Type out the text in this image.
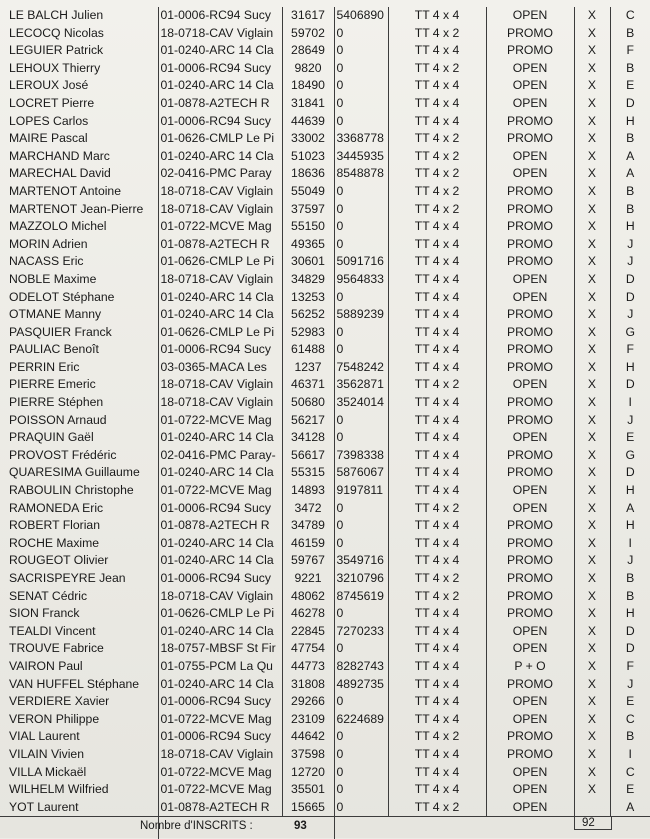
LE BALCH Julien	01-0006-RC94 Sucy	31617	5406890	TT 4 x 4	OPEN	X	C
LECOCQ Nicolas	18-0718-CAV Viglain	59702	0	TT 4 x 2	PROMO	X	B
LEGUIER Patrick	01-0240-ARC 14 Cla	28649	0	TT 4 x 4	PROMO	X	F
LEHOUX Thierry	01-0006-RC94 Sucy	9820	0	TT 4 x 2	OPEN	X	B
LEROUX José	01-0240-ARC 14 Cla	18490	0	TT 4 x 4	OPEN	X	E
LOCRET Pierre	01-0878-A2TECH R	31841	0	TT 4 x 4	OPEN	X	D
LOPES Carlos	01-0006-RC94 Sucy	44639	0	TT 4 x 4	PROMO	X	H
MAIRE Pascal	01-0626-CMLP Le Pi	33002	3368778	TT 4 x 2	PROMO	X	B
MARCHAND Marc	01-0240-ARC 14 Cla	51023	3445935	TT 4 x 2	OPEN	X	A
MARECHAL David	02-0416-PMC Paray	18636	8548878	TT 4 x 2	OPEN	X	A
MARTENOT Antoine	18-0718-CAV Viglain	55049	0	TT 4 x 2	PROMO	X	B
MARTENOT Jean-Pierre	18-0718-CAV Viglain	37597	0	TT 4 x 2	PROMO	X	B
MAZZOLO Michel	01-0722-MCVE Mag	55150	0	TT 4 x 4	PROMO	X	H
MORIN Adrien	01-0878-A2TECH R	49365	0	TT 4 x 4	PROMO	X	J
NACASS Eric	01-0626-CMLP Le Pi	30601	5091716	TT 4 x 4	PROMO	X	J
NOBLE Maxime	18-0718-CAV Viglain	34829	9564833	TT 4 x 4	OPEN	X	D
ODELOT Stéphane	01-0240-ARC 14 Cla	13253	0	TT 4 x 4	OPEN	X	D
OTMANE Manny	01-0240-ARC 14 Cla	56252	5889239	TT 4 x 4	PROMO	X	J
PASQUIER Franck	01-0626-CMLP Le Pi	52983	0	TT 4 x 4	PROMO	X	G
PAULIAC Benoît	01-0006-RC94 Sucy	61488	0	TT 4 x 4	PROMO	X	F
PERRIN Eric	03-0365-MACA Les	1237	7548242	TT 4 x 4	PROMO	X	H
PIERRE Emeric	18-0718-CAV Viglain	46371	3562871	TT 4 x 2	OPEN	X	D
PIERRE Stéphen	18-0718-CAV Viglain	50680	3524014	TT 4 x 4	PROMO	X	I
POISSON Arnaud	01-0722-MCVE Mag	56217	0	TT 4 x 4	PROMO	X	J
PRAQUIN Gaël	01-0240-ARC 14 Cla	34128	0	TT 4 x 4	OPEN	X	E
PROVOST Frédéric	02-0416-PMC Paray-	56617	7398338	TT 4 x 4	PROMO	X	G
QUARESIMA Guillaume	01-0240-ARC 14 Cla	55315	5876067	TT 4 x 4	PROMO	X	D
RABOULIN Christophe	01-0722-MCVE Mag	14893	9197811	TT 4 x 4	OPEN	X	H
RAMONEDA Eric	01-0006-RC94 Sucy	3472	0	TT 4 x 2	OPEN	X	A
ROBERT Florian	01-0878-A2TECH R	34789	0	TT 4 x 4	PROMO	X	H
ROCHE Maxime	01-0240-ARC 14 Cla	46159	0	TT 4 x 4	PROMO	X	I
ROUGEOT Olivier	01-0240-ARC 14 Cla	59767	3549716	TT 4 x 4	PROMO	X	J
SACRISPEYRE Jean	01-0006-RC94 Sucy	9221	3210796	TT 4 x 2	PROMO	X	B
SENAT Cédric	18-0718-CAV Viglain	48062	8745619	TT 4 x 2	PROMO	X	B
SION Franck	01-0626-CMLP Le Pi	46278	0	TT 4 x 4	PROMO	X	H
TEALDI Vincent	01-0240-ARC 14 Cla	22845	7270233	TT 4 x 4	OPEN	X	D
TROUVE Fabrice	18-0757-MBSF St Fir	47754	0	TT 4 x 4	OPEN	X	D
VAIRON Paul	01-0755-PCM La Qu	44773	8282743	TT 4 x 4	P + O	X	F
VAN HUFFEL Stéphane	01-0240-ARC 14 Cla	31808	4892735	TT 4 x 4	PROMO	X	J
VERDIERE Xavier	01-0006-RC94 Sucy	29266	0	TT 4 x 4	OPEN	X	E
VERON Philippe	01-0722-MCVE Mag	23109	6224689	TT 4 x 4	OPEN	X	C
VIAL Laurent	01-0006-RC94 Sucy	44642	0	TT 4 x 2	PROMO	X	B
VILAIN Vivien	18-0718-CAV Viglain	37598	0	TT 4 x 4	PROMO	X	I
VILLA Mickaël	01-0722-MCVE Mag	12720	0	TT 4 x 4	OPEN	X	C
WILHELM Wilfried	01-0722-MCVE Mag	35501	0	TT 4 x 4	OPEN	X	E
YOT Laurent	01-0878-A2TECH R	15665	0	TT 4 x 2	OPEN		A
Nombre d'INSCRITS :	93	92
